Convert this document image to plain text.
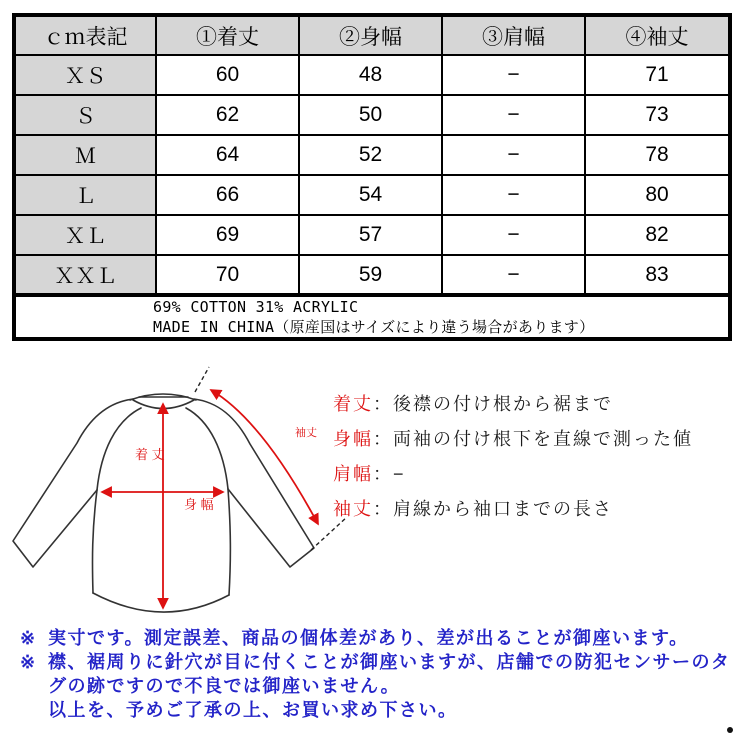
ｃｍ表記	①着丈	②身幅	③肩幅	④袖丈
ＸＳ	60	48	−	71
Ｓ	62	50	−	73
Ｍ	64	52	−	78
Ｌ	66	54	−	80
ＸＬ	69	57	−	82
ＸＸＬ	70	59	−	83

69% COTTON 31% ACRYLIC
MADE IN CHINA（原産国はサイズにより違う場合があります）				
着 丈
身 幅
袖丈
着丈：後襟の付け根から裾まで
身幅：両袖の付け根下を直線で測った値
肩幅：−
袖丈：肩線から袖口までの長さ
※ 実寸です。測定誤差、商品の個体差があり、差が出ることが御座います。
※ 襟、裾周りに針穴が目に付くことが御座いますが、店舗での防犯センサーのタ
グの跡ですので不良では御座いません。
以上を、予めご了承の上、お買い求め下さい。
